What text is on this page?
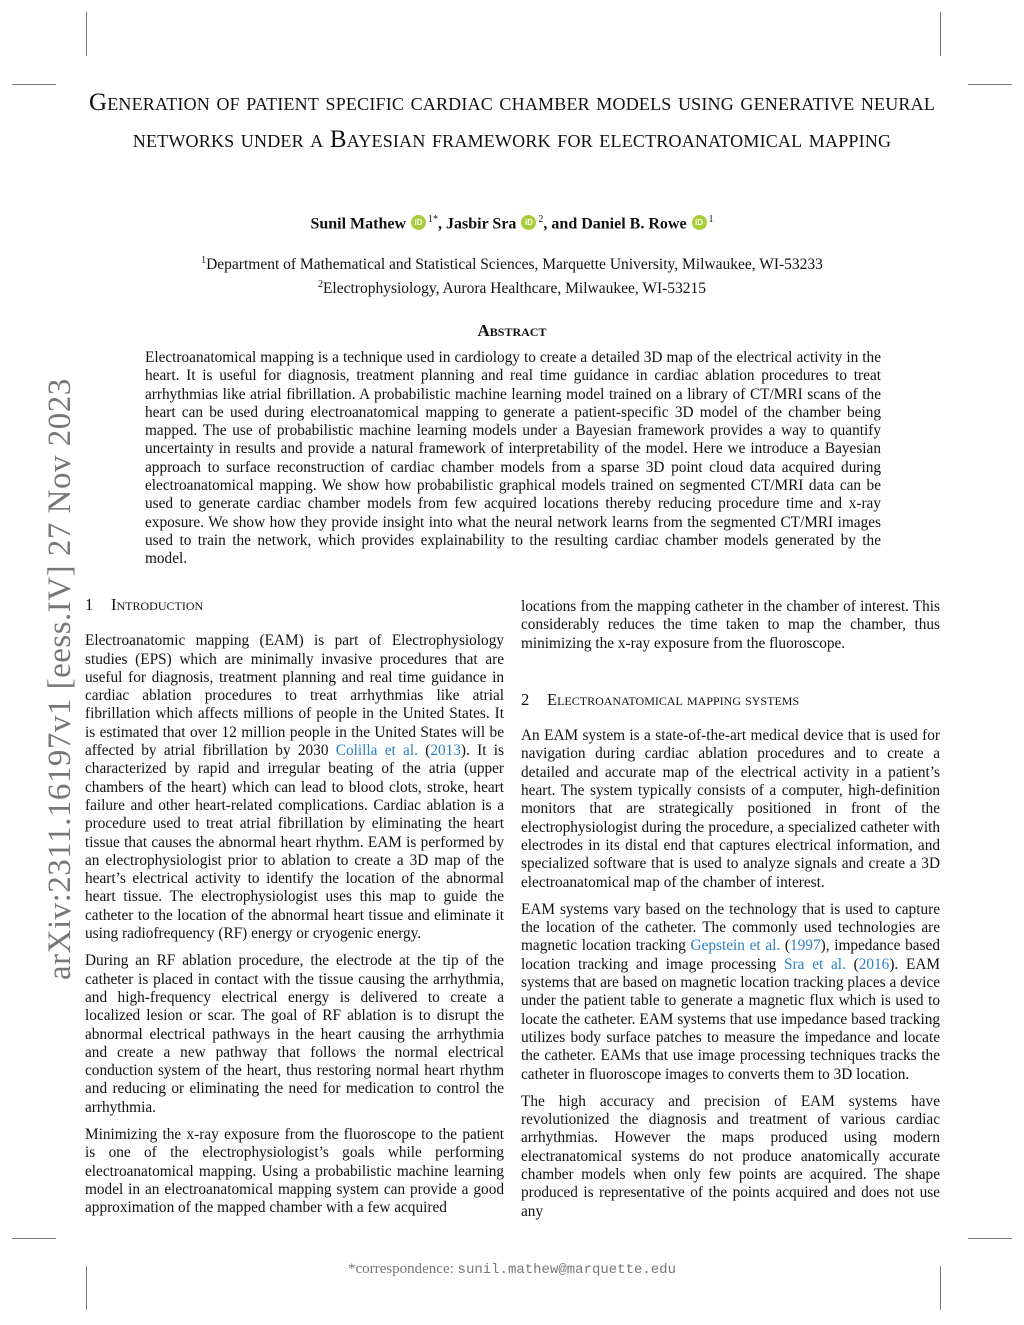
arXiv:2311.16197v1 [eess.IV] 27 Nov 2023
Generation of patient specific cardiac chamber models using generative neural networks under a Bayesian framework for electroanatomical mapping
Sunil Mathew iD $^{1*}$, Jasbir Sra iD $^2$, and Daniel B. Rowe iD $^1$
$^1$Department of Mathematical and Statistical Sciences, Marquette University, Milwaukee, WI-53233
$^2$Electrophysiology, Aurora Healthcare, Milwaukee, WI-53215
Abstract
Electroanatomical mapping is a technique used in cardiology to create a detailed 3D map of the electrical activity in the heart. It is useful for diagnosis, treatment planning and real time guidance in cardiac ablation procedures to treat arrhythmias like atrial fibrillation. A probabilistic machine learning model trained on a library of CT/MRI scans of the heart can be used during electroanatomical mapping to generate a patient-specific 3D model of the chamber being mapped. The use of probabilistic machine learning models under a Bayesian framework provides a way to quantify uncertainty in results and provide a natural framework of interpretability of the model. Here we introduce a Bayesian approach to surface reconstruction of cardiac chamber models from a sparse 3D point cloud data acquired during electroanatomical mapping. We show how probabilistic graphical models trained on segmented CT/MRI data can be used to generate cardiac chamber models from few acquired locations thereby reducing procedure time and x-ray exposure. We show how they provide insight into what the neural network learns from the segmented CT/MRI images used to train the network, which provides explainability to the resulting cardiac chamber models generated by the model.
1 Introduction

Electroanatomic mapping (EAM) is part of Electrophysiology studies (EPS) which are minimally invasive procedures that are useful for diagnosis, treatment planning and real time guidance in cardiac ablation procedures to treat arrhythmias like atrial fibrillation which affects millions of people in the United States. It is estimated that over 12 million people in the United States will be affected by atrial fibrillation by 2030 Colilla et al. (2013). It is characterized by rapid and irregular beating of the atria (upper chambers of the heart) which can lead to blood clots, stroke, heart failure and other heart-related complications. Cardiac ablation is a procedure used to treat atrial fibrillation by eliminating the heart tissue that causes the abnormal heart rhythm. EAM is performed by an electrophysiologist prior to ablation to create a 3D map of the heart’s electrical activity to identify the location of the abnormal heart tissue. The electrophysiologist uses this map to guide the catheter to the location of the abnormal heart tissue and eliminate it using radiofrequency (RF) energy or cryogenic energy.

During an RF ablation procedure, the electrode at the tip of the catheter is placed in contact with the tissue causing the arrhythmia, and high-frequency electrical energy is delivered to create a localized lesion or scar. The goal of RF ablation is to disrupt the abnormal electrical pathways in the heart causing the arrhythmia and create a new pathway that follows the normal electrical conduction system of the heart, thus restoring normal heart rhythm and reducing or eliminating the need for medication to control the arrhythmia.

Minimizing the x-ray exposure from the fluoroscope to the patient is one of the electrophysiologist’s goals while performing electroanatomical mapping. Using a probabilistic machine learning model in an electroanatomical mapping system can provide a good approximation of the mapped chamber with a few acquired

locations from the mapping catheter in the chamber of interest. This considerably reduces the time taken to map the chamber, thus minimizing the x-ray exposure from the fluoroscope.

2 Electroanatomical mapping systems

An EAM system is a state-of-the-art medical device that is used for navigation during cardiac ablation procedures and to create a detailed and accurate map of the electrical activity in a patient’s heart. The system typically consists of a computer, high-definition monitors that are strategically positioned in front of the electrophysiologist during the procedure, a specialized catheter with electrodes in its distal end that captures electrical information, and specialized software that is used to analyze signals and create a 3D electroanatomical map of the chamber of interest.

EAM systems vary based on the technology that is used to capture the location of the catheter. The commonly used technologies are magnetic location tracking Gepstein et al. (1997), impedance based location tracking and image processing Sra et al. (2016). EAM systems that are based on magnetic location tracking places a device under the patient table to generate a magnetic flux which is used to locate the catheter. EAM systems that use impedance based tracking utilizes body surface patches to measure the impedance and locate the catheter. EAMs that use image processing techniques tracks the catheter in fluoroscope images to converts them to 3D location.

The high accuracy and precision of EAM systems have revolutionized the diagnosis and treatment of various cardiac arrhythmias. However the maps produced using modern electranatomical systems do not produce anatomically accurate chamber models when only few points are acquired. The shape produced is representative of the points acquired and does not use any

*correspondence: sunil.mathew@marquette.edu
